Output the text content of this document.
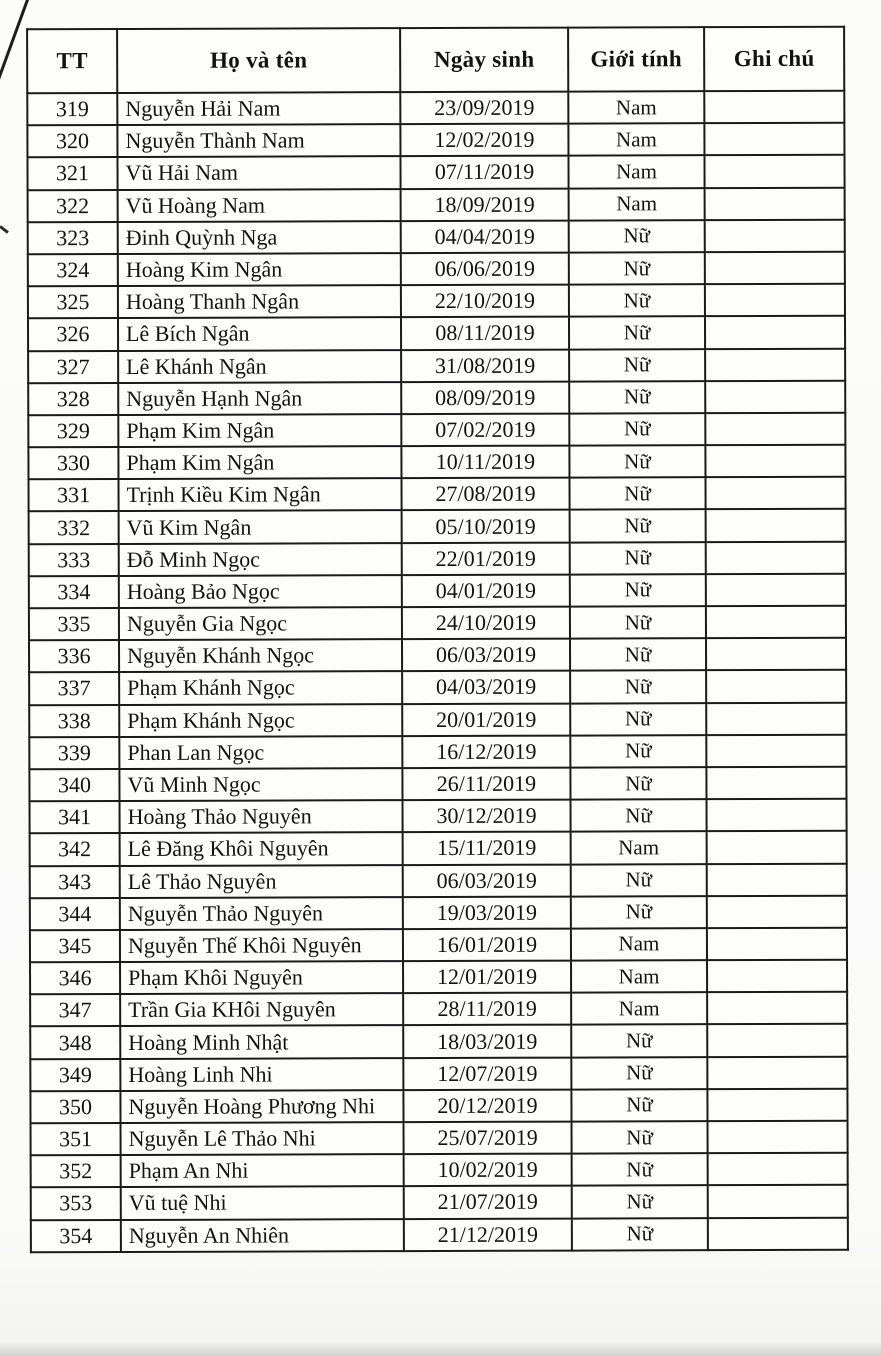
TT	Họ và tên	Ngày sinh	Giới tính	Ghi chú
319	Nguyễn Hải Nam	23/09/2019	Nam	
320	Nguyễn Thành Nam	12/02/2019	Nam	
321	Vũ Hải Nam	07/11/2019	Nam	
322	Vũ Hoàng Nam	18/09/2019	Nam	
323	Đinh Quỳnh Nga	04/04/2019	Nữ	
324	Hoàng Kim Ngân	06/06/2019	Nữ	
325	Hoàng Thanh Ngân	22/10/2019	Nữ	
326	Lê Bích Ngân	08/11/2019	Nữ	
327	Lê Khánh Ngân	31/08/2019	Nữ	
328	Nguyễn Hạnh Ngân	08/09/2019	Nữ	
329	Phạm Kim Ngân	07/02/2019	Nữ	
330	Phạm Kim Ngân	10/11/2019	Nữ	
331	Trịnh Kiều Kim Ngân	27/08/2019	Nữ	
332	Vũ Kim Ngân	05/10/2019	Nữ	
333	Đỗ Minh Ngọc	22/01/2019	Nữ	
334	Hoàng Bảo Ngọc	04/01/2019	Nữ	
335	Nguyễn Gia Ngọc	24/10/2019	Nữ	
336	Nguyễn Khánh Ngọc	06/03/2019	Nữ	
337	Phạm Khánh Ngọc	04/03/2019	Nữ	
338	Phạm Khánh Ngọc	20/01/2019	Nữ	
339	Phan Lan Ngọc	16/12/2019	Nữ	
340	Vũ Minh Ngọc	26/11/2019	Nữ	
341	Hoàng Thảo Nguyên	30/12/2019	Nữ	
342	Lê Đăng Khôi Nguyên	15/11/2019	Nam	
343	Lê Thảo Nguyên	06/03/2019	Nữ	
344	Nguyễn Thảo Nguyên	19/03/2019	Nữ	
345	Nguyễn Thế Khôi Nguyên	16/01/2019	Nam	
346	Phạm Khôi Nguyên	12/01/2019	Nam	
347	Trần Gia KHôi Nguyên	28/11/2019	Nam	
348	Hoàng Minh Nhật	18/03/2019	Nữ	
349	Hoàng Linh Nhi	12/07/2019	Nữ	
350	Nguyễn Hoàng Phương Nhi	20/12/2019	Nữ	
351	Nguyễn Lê Thảo Nhi	25/07/2019	Nữ	
352	Phạm An Nhi	10/02/2019	Nữ	
353	Vũ tuệ Nhi	21/07/2019	Nữ	
354	Nguyễn An Nhiên	21/12/2019	Nữ	
